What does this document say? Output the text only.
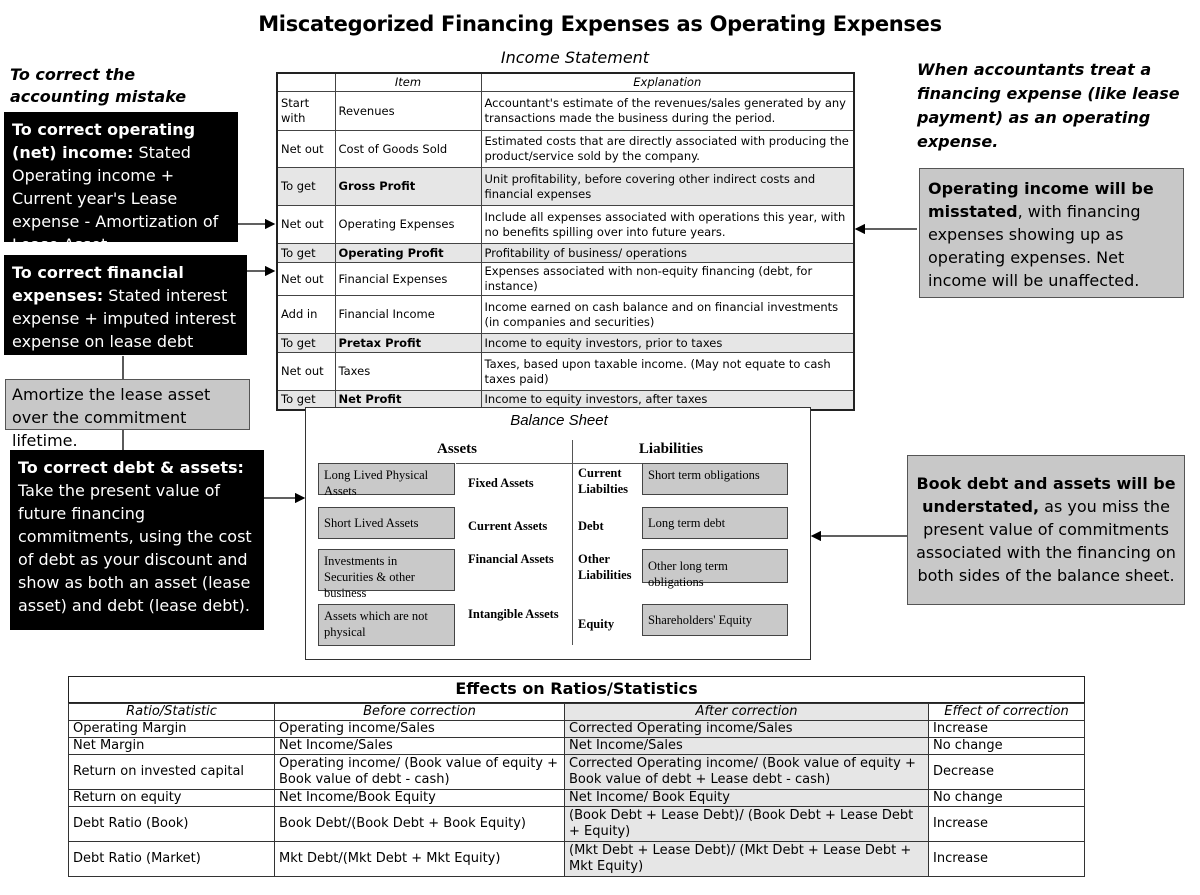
Miscategorized Financing Expenses as Operating Expenses
Income Statement
To correct the accounting mistake
To correct operating (net) income: Stated Operating income + Current year's Lease expense - Amortization of Lease Asset
To correct financial expenses: Stated interest expense + imputed interest expense on lease debt
Amortize the lease asset over the commitment lifetime.
To correct debt & assets:
Take the present value of future financing commitments, using the cost of debt as your discount and show as both an asset (lease asset) and debt (lease debt).
When accountants treat a financing expense (like lease payment) as an operating expense.
Operating income will be misstated, with financing expenses showing up as operating expenses. Net income will be unaffected.
Book debt and assets will be understated, as you miss the present value of commitments associated with the financing on both sides of the balance sheet.
	Item	Explanation
Start with	Revenues	Accountant's estimate of the revenues/sales generated by any transactions made the business during the period.
Net out	Cost of Goods Sold	Estimated costs that are directly associated with producing the product/service sold by the company.
To get	Gross Profit	Unit profitability, before covering other indirect costs and financial expenses
Net out	Operating Expenses	Include all expenses associated with operations this year, with no benefits spilling over into future years.
To get	Operating Profit	Profitability of business/ operations
Net out	Financial Expenses	Expenses associated with non-equity financing (debt, for instance)
Add in	Financial Income	Income earned on cash balance and on financial investments (in companies and securities)
To get	Pretax Profit	Income to equity investors, prior to taxes
Net out	Taxes	Taxes, based upon taxable income. (May not equate to cash taxes paid)
To get	Net Profit	Income to equity investors, after taxes
Balance Sheet
Assets	Liabilities
Long Lived Physical Assets
Fixed Assets
Short Lived Assets	Current Assets
Investments in Securities & other business
Financial Assets
Assets which are not physical
Intangible Assets
Current Liabilties
Short term obligations
Debt	Long term debt
Other Liabilities
Other long term obligations
Equity	Shareholders' Equity
Effects on Ratios/Statistics
Ratio/Statistic	Before correction	After correction	Effect of correction
Operating Margin	Operating income/Sales	Corrected Operating income/Sales	Increase
Net Margin	Net Income/Sales	Net Income/Sales	No change
Return on invested capital	Operating income/ (Book value of equity + Book value of debt - cash)	Corrected Operating income/ (Book value of equity + Book value of debt + Lease debt - cash)	Decrease
Return on equity	Net Income/Book Equity	Net Income/ Book Equity	No change
Debt Ratio (Book)	Book Debt/(Book Debt + Book Equity)	(Book Debt + Lease Debt)/ (Book Debt + Lease Debt + Equity)	Increase
Debt Ratio (Market)	Mkt Debt/(Mkt Debt + Mkt Equity)	(Mkt Debt + Lease Debt)/ (Mkt Debt + Lease Debt + Mkt Equity)	Increase
